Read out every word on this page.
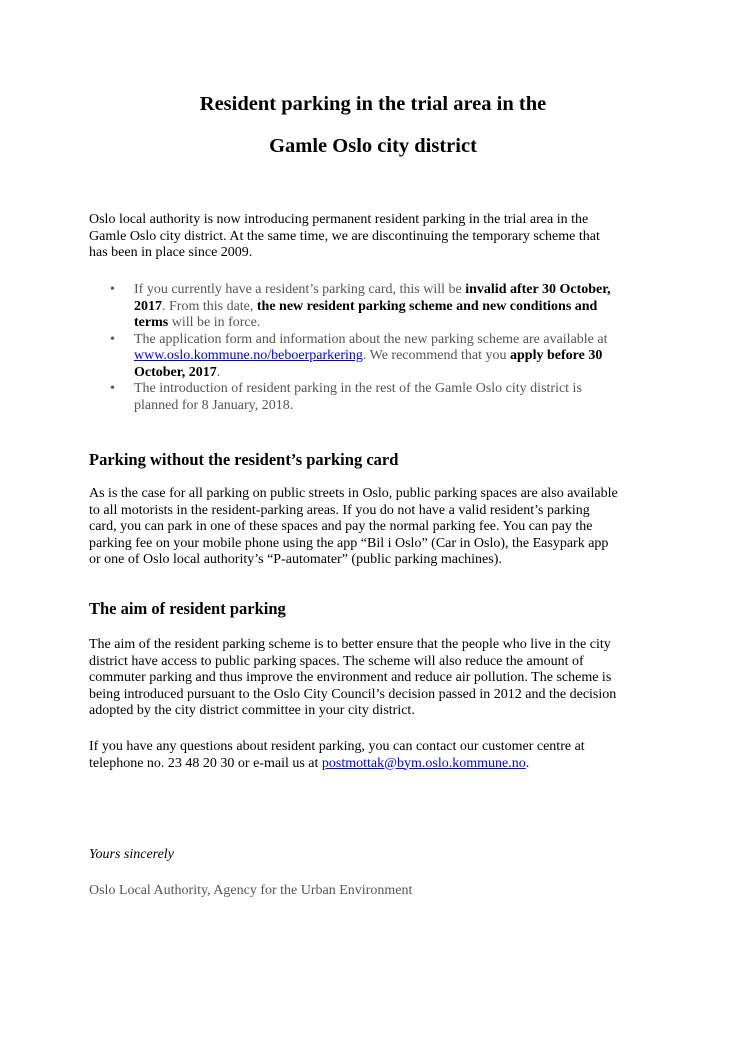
Resident parking in the trial area in the
Gamle Oslo city district
Oslo local authority is now introducing permanent resident parking in the trial area in the
Gamle Oslo city district. At the same time, we are discontinuing the temporary scheme that
has been in place since 2009.
• If you currently have a resident’s parking card, this will be invalid after 30 October,
2017. From this date, the new resident parking scheme and new conditions and
terms will be in force.
• The application form and information about the new parking scheme are available at
www.oslo.kommune.no/beboerparkering. We recommend that you apply before 30
October, 2017.
• The introduction of resident parking in the rest of the Gamle Oslo city district is
planned for 8 January, 2018.
Parking without the resident’s parking card
As is the case for all parking on public streets in Oslo, public parking spaces are also available
to all motorists in the resident-parking areas. If you do not have a valid resident’s parking
card, you can park in one of these spaces and pay the normal parking fee. You can pay the
parking fee on your mobile phone using the app “Bil i Oslo” (Car in Oslo), the Easypark app
or one of Oslo local authority’s “P-automater” (public parking machines).
The aim of resident parking
The aim of the resident parking scheme is to better ensure that the people who live in the city
district have access to public parking spaces. The scheme will also reduce the amount of
commuter parking and thus improve the environment and reduce air pollution. The scheme is
being introduced pursuant to the Oslo City Council’s decision passed in 2012 and the decision
adopted by the city district committee in your city district.
If you have any questions about resident parking, you can contact our customer centre at
telephone no. 23 48 20 30 or e-mail us at postmottak@bym.oslo.kommune.no.
Yours sincerely
Oslo Local Authority, Agency for the Urban Environment
